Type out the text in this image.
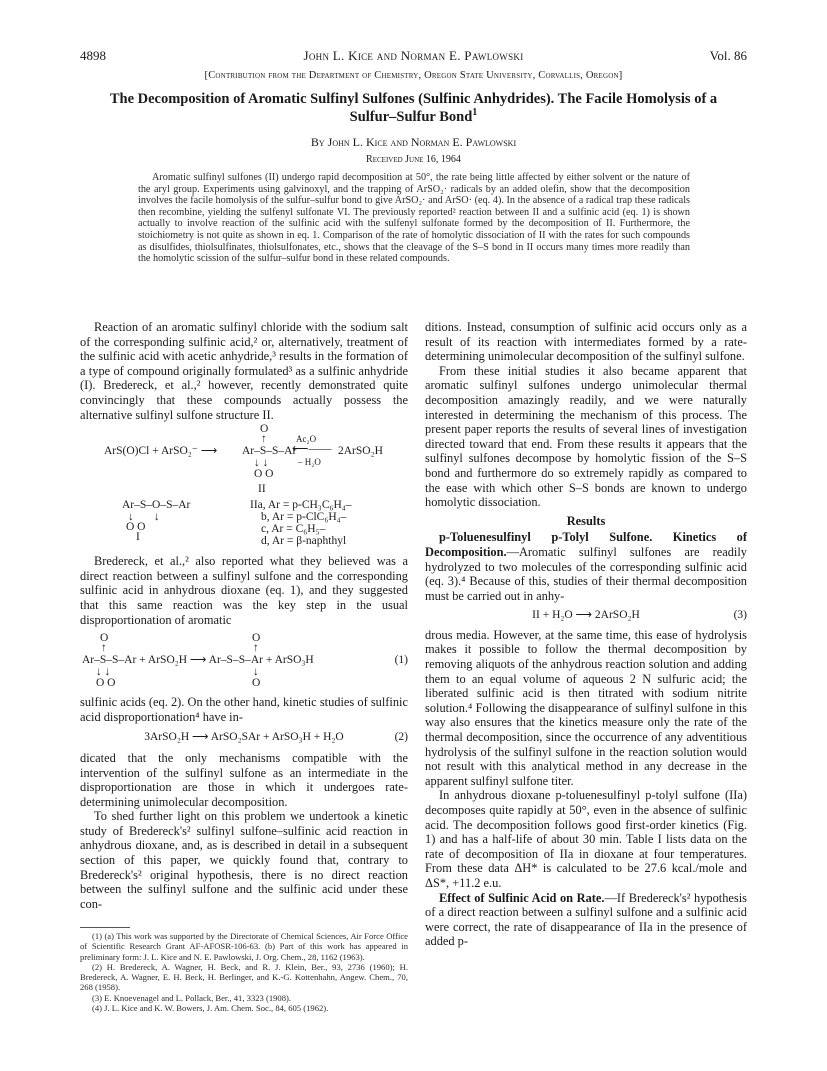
4898	John L. Kice and Norman E. Pawlowski	Vol. 86
[Contribution from the Department of Chemistry, Oregon State University, Corvallis, Oregon]
The Decomposition of Aromatic Sulfinyl Sulfones (Sulfinic Anhydrides). The Facile Homolysis of a Sulfur–Sulfur Bond$^1$
By John L. Kice and Norman E. Pawlowski
Received June 16, 1964

Aromatic sulfinyl sulfones (II) undergo rapid decomposition at 50°, the rate being little affected by either solvent or the nature of the aryl group. Experiments using galvinoxyl, and the trapping of ArSO₂· radicals by an added olefin, show that the decomposition involves the facile homolysis of the sulfur–sulfur bond to give ArSO₂· and ArSO· (eq. 4). In the absence of a radical trap these radicals then recombine, yielding the sulfenyl sulfonate VI. The previously reported² reaction between II and a sulfinic acid (eq. 1) is shown actually to involve reaction of the sulfinic acid with the sulfenyl sulfonate formed by the decomposition of II. Furthermore, the stoichiometry is not quite as shown in eq. 1. Comparison of the rate of homolytic dissociation of II with the rates for such compounds as disulfides, thiolsulfinates, thiolsulfonates, etc., shows that the cleavage of the S–S bond in II occurs many times more readily than the homolytic scission of the sulfur–sulfur bond in these related compounds.

Reaction of an aromatic sulfinyl chloride with the sodium salt of the corresponding sulfinic acid,² or, alternatively, treatment of the sulfinic acid with acetic anhydride,³ results in the formation of a type of compound originally formulated³ as a sulfinic anhydride (I). Bredereck, et al.,² however, recently demonstrated quite convincingly that these compounds actually possess the alternative sulfinyl sulfone structure II.

O
↑	Ac₂O
ArS(O)Cl + ArSO₂⁻ ⟶ Ar–S–S–Ar
⟵—— 2ArSO₂H
– H₂O
↓ ↓
O O
II
Ar–S–O–S–Ar
↓       ↓
O O
I
IIa, Ar = p-CH₃C₆H₄–
b, Ar = p-ClC₆H₄–
c, Ar = C₆H₅–
d, Ar = β-naphthyl

Bredereck, et al.,² also reported what they believed was a direct reaction between a sulfinyl sulfone and the corresponding sulfinic acid in anhydrous dioxane (eq. 1), and they suggested that this same reaction was the key step in the usual disproportionation of aromatic

O	O
↑	↑
Ar–S–S–Ar + ArSO₂H ⟶ Ar–S–S–Ar + ArSO₃H	(1)
↓ ↓	↓
O O	O

sulfinic acids (eq. 2). On the other hand, kinetic studies of sulfinic acid disproportionation⁴ have in-

3ArSO₂H ⟶ ArSO₂SAr + ArSO₃H + H₂O	(2)

dicated that the only mechanisms compatible with the intervention of the sulfinyl sulfone as an intermediate in the disproportionation are those in which it undergoes rate-determining unimolecular decomposition.

To shed further light on this problem we undertook a kinetic study of Bredereck's² sulfinyl sulfone–sulfinic acid reaction in anhydrous dioxane, and, as is described in detail in a subsequent section of this paper, we quickly found that, contrary to Bredereck's² original hypothesis, there is no direct reaction between the sulfinyl sulfone and the sulfinic acid under these con-

(1) (a) This work was supported by the Directorate of Chemical Sciences, Air Force Office of Scientific Research Grant AF-AFOSR-106-63. (b) Part of this work has appeared in preliminary form: J. L. Kice and N. E. Pawlowski, J. Org. Chem., 28, 1162 (1963).

(2) H. Bredereck, A. Wagner, H. Beck, and R. J. Klein, Ber., 93, 2736 (1960); H. Bredereck, A. Wagner, E. H. Beck, H. Berlinger, and K.-G. Kottenhahn, Angew. Chem., 70, 268 (1958).

(3) E. Knoevenagel and L. Pollack, Ber., 41, 3323 (1908).

(4) J. L. Kice and K. W. Bowers, J. Am. Chem. Soc., 84, 605 (1962).

ditions. Instead, consumption of sulfinic acid occurs only as a result of its reaction with intermediates formed by a rate-determining unimolecular decomposition of the sulfinyl sulfone.

From these initial studies it also became apparent that aromatic sulfinyl sulfones undergo unimolecular thermal decomposition amazingly readily, and we were naturally interested in determining the mechanism of this process. The present paper reports the results of several lines of investigation directed toward that end. From these results it appears that the sulfinyl sulfones decompose by homolytic fission of the S–S bond and furthermore do so extremely rapidly as compared to the ease with which other S–S bonds are known to undergo homolytic dissociation.

Results

p-Toluenesulfinyl p-Tolyl Sulfone. Kinetics of Decomposition.—Aromatic sulfinyl sulfones are readily hydrolyzed to two molecules of the corresponding sulfinic acid (eq. 3).⁴ Because of this, studies of their thermal decomposition must be carried out in anhy-

II + H₂O ⟶ 2ArSO₂H	(3)

drous media. However, at the same time, this ease of hydrolysis makes it possible to follow the thermal decomposition by removing aliquots of the anhydrous reaction solution and adding them to an equal volume of aqueous 2 N sulfuric acid; the liberated sulfinic acid is then titrated with sodium nitrite solution.⁴ Following the disappearance of sulfinyl sulfone in this way also ensures that the kinetics measure only the rate of the thermal decomposition, since the occurrence of any adventitious hydrolysis of the sulfinyl sulfone in the reaction solution would not result with this analytical method in any decrease in the apparent sulfinyl sulfone titer.

In anhydrous dioxane p-toluenesulfinyl p-tolyl sulfone (IIa) decomposes quite rapidly at 50°, even in the absence of sulfinic acid. The decomposition follows good first-order kinetics (Fig. 1) and has a half-life of about 30 min. Table I lists data on the rate of decomposition of IIa in dioxane at four temperatures. From these data ΔH* is calculated to be 27.6 kcal./mole and ΔS*, +11.2 e.u.

Effect of Sulfinic Acid on Rate.—If Bredereck's² hypothesis of a direct reaction between a sulfinyl sulfone and a sulfinic acid were correct, the rate of disappearance of IIa in the presence of added p-
